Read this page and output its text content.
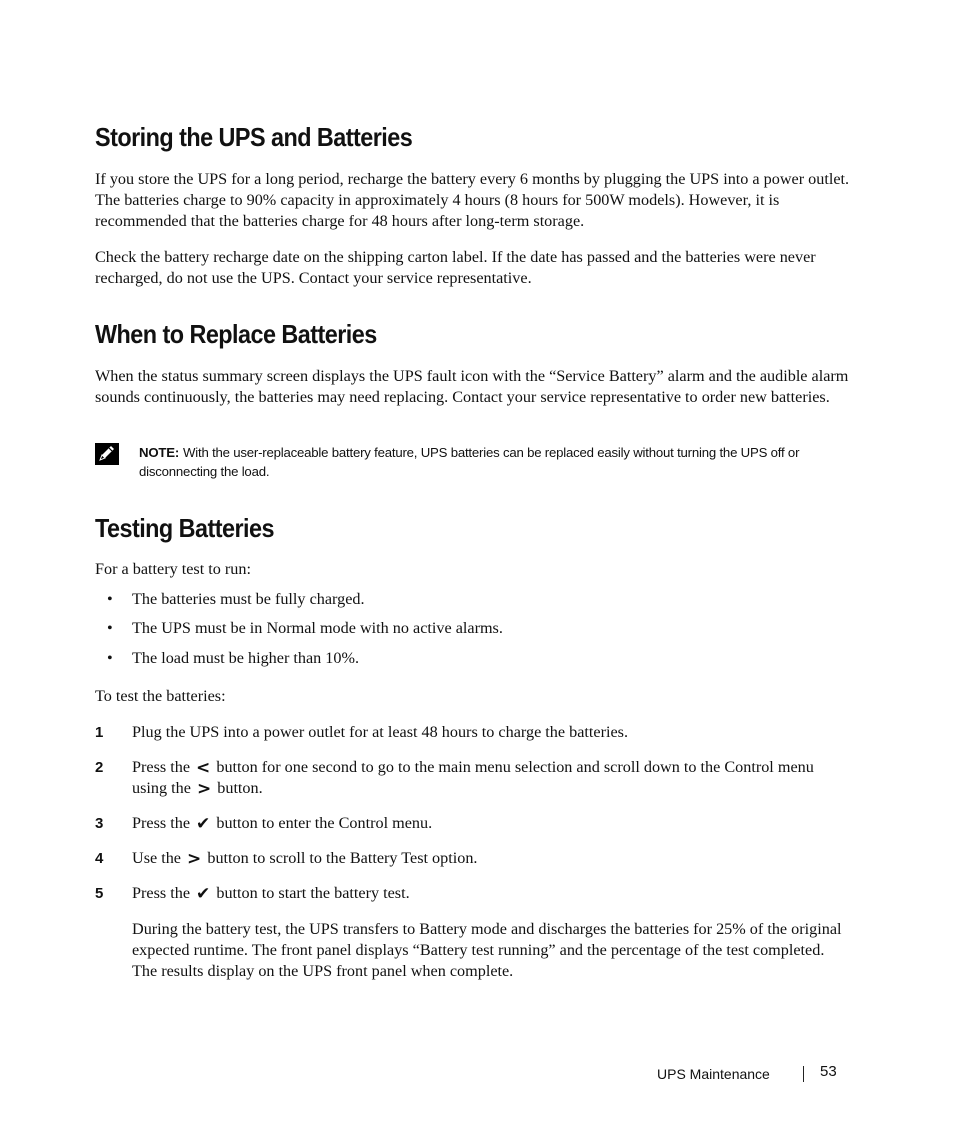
Storing the UPS and Batteries

If you store the UPS for a long period, recharge the battery every 6 months by plugging the UPS into a power outlet. The batteries charge to 90% capacity in approximately 4 hours (8 hours for 500W models). However, it is recommended that the batteries charge for 48 hours after long-term storage.

Check the battery recharge date on the shipping carton label. If the date has passed and the batteries were never recharged, do not use the UPS. Contact your service representative.

When to Replace Batteries

When the status summary screen displays the UPS fault icon with the “Service Battery” alarm and the audible alarm sounds continuously, the batteries may need replacing. Contact your service representative to order new batteries.

NOTE: With the user-replaceable battery feature, UPS batteries can be replaced easily without turning the UPS off or disconnecting the load.
Testing Batteries

For a battery test to run:

• The batteries must be fully charged.
• The UPS must be in Normal mode with no active alarms.
• The load must be higher than 10%.

To test the batteries:

1 Plug the UPS into a power outlet for at least 48 hours to charge the batteries.
2 Press the < button for one second to go to the main menu selection and scroll down to the Control menu using the > button.
3 Press the ✔ button to enter the Control menu.
4 Use the > button to scroll to the Battery Test option.
5 Press the ✔ button to start the battery test.

During the battery test, the UPS transfers to Battery mode and discharges the batteries for 25% of the original expected runtime. The front panel displays “Battery test running” and the percentage of the test completed. The results display on the UPS front panel when complete.

UPS Maintenance	53
